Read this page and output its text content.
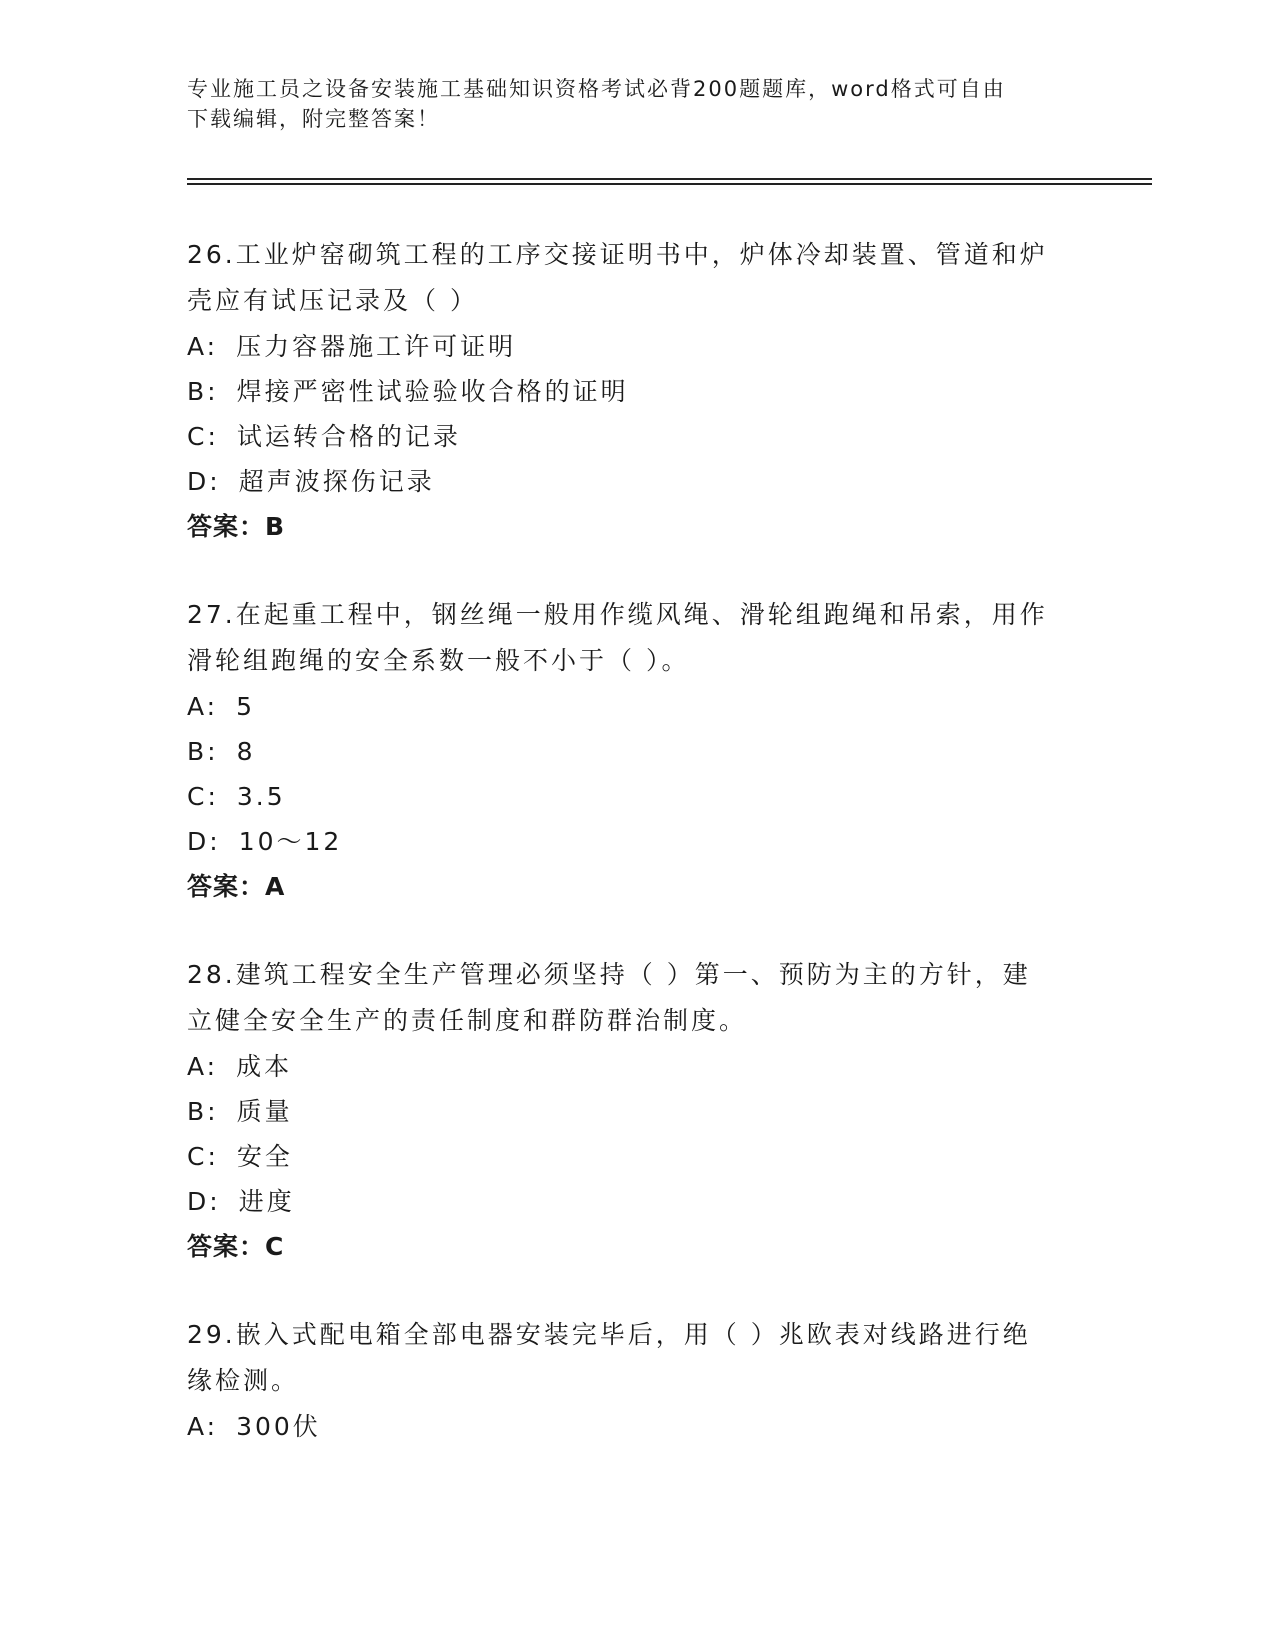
专业施工员之设备安装施工基础知识资格考试必背200题题库，word格式可自由
下载编辑，附完整答案！
26.工业炉窑砌筑工程的工序交接证明书中，炉体冷却装置、管道和炉
壳应有试压记录及（ ）
A: 压力容器施工许可证明
B: 焊接严密性试验验收合格的证明
C: 试运转合格的记录
D: 超声波探伤记录
答案：B
27.在起重工程中，钢丝绳一般用作缆风绳、滑轮组跑绳和吊索，用作
滑轮组跑绳的安全系数一般不小于（ ）。
A: 5
B: 8
C: 3.5
D: 10～12
答案：A
28.建筑工程安全生产管理必须坚持（ ）第一、预防为主的方针，建
立健全安全生产的责任制度和群防群治制度。
A: 成本
B: 质量
C: 安全
D: 进度
答案：C
29.嵌入式配电箱全部电器安装完毕后，用（ ）兆欧表对线路进行绝
缘检测。
A: 300伏
